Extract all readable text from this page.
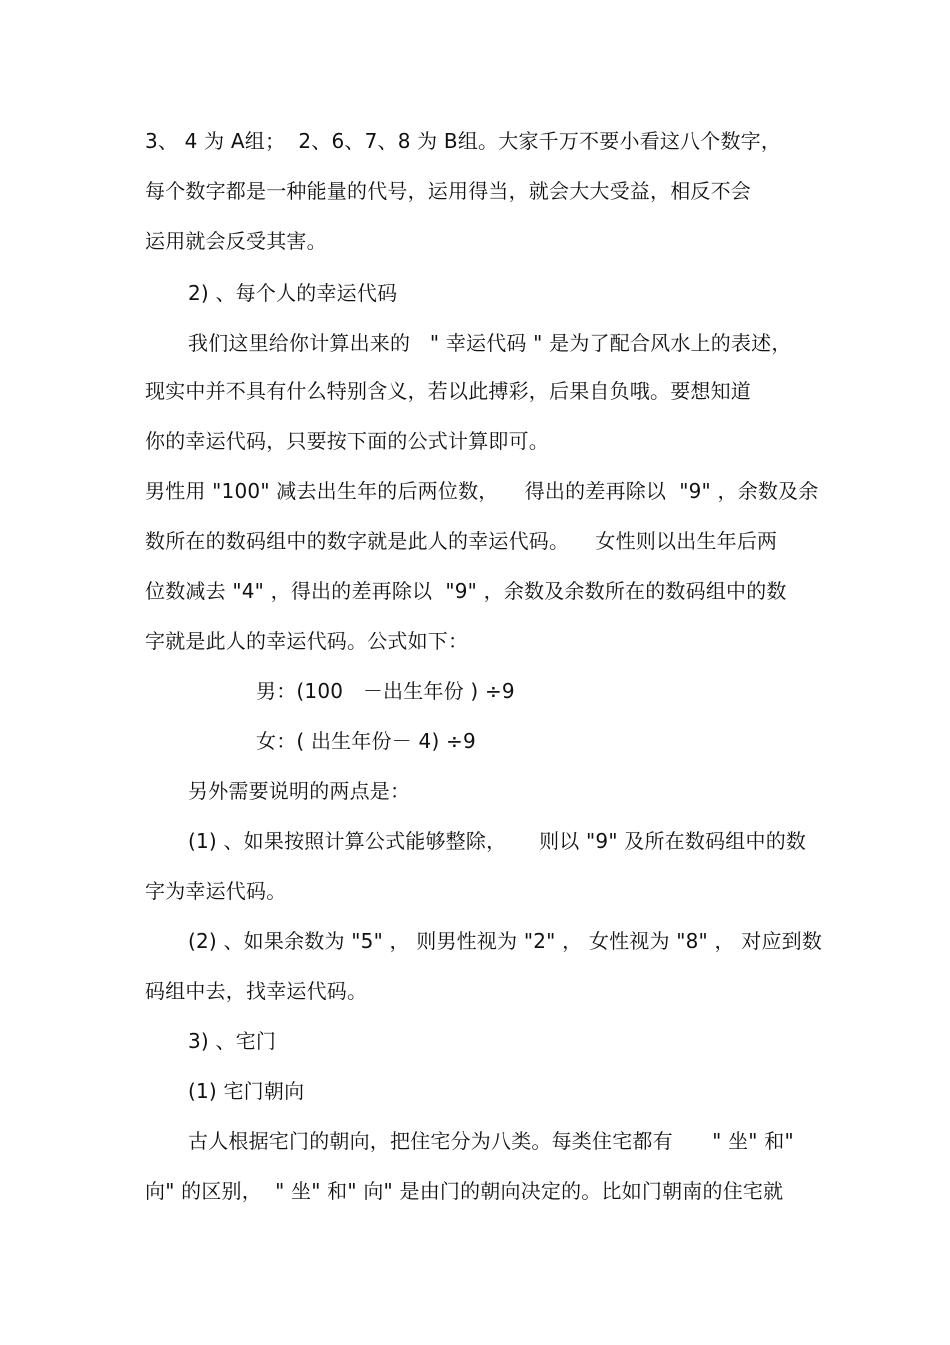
3、 4 为 A组；  2、6、7、8 为 B组。大家千万不要小看这八个数字，
每个数字都是一种能量的代号，运用得当，就会大大受益，相反不会
运用就会反受其害。
2) 、每个人的幸运代码
我们这里给你计算出来的   " 幸运代码 " 是为了配合风水上的表述，
现实中并不具有什么特别含义，若以此搏彩，后果自负哦。要想知道
你的幸运代码，只要按下面的公式计算即可。
男性用 "100" 减去出生年的后两位数，    得出的差再除以  "9" ，余数及余
数所在的数码组中的数字就是此人的幸运代码。    女性则以出生年后两
位数减去 "4" ，得出的差再除以  "9" ，余数及余数所在的数码组中的数
字就是此人的幸运代码。公式如下：
男：(100   －出生年份 ) ÷9
女：( 出生年份－ 4) ÷9
另外需要说明的两点是：
(1) 、如果按照计算公式能够整除，     则以 "9" 及所在数码组中的数
字为幸运代码。
(2) 、如果余数为 "5" ， 则男性视为 "2" ， 女性视为 "8" ， 对应到数
码组中去，找幸运代码。
3) 、宅门
(1) 宅门朝向
古人根据宅门的朝向，把住宅分为八类。每类住宅都有      " 坐" 和"
向" 的区别，  " 坐" 和" 向" 是由门的朝向决定的。比如门朝南的住宅就
